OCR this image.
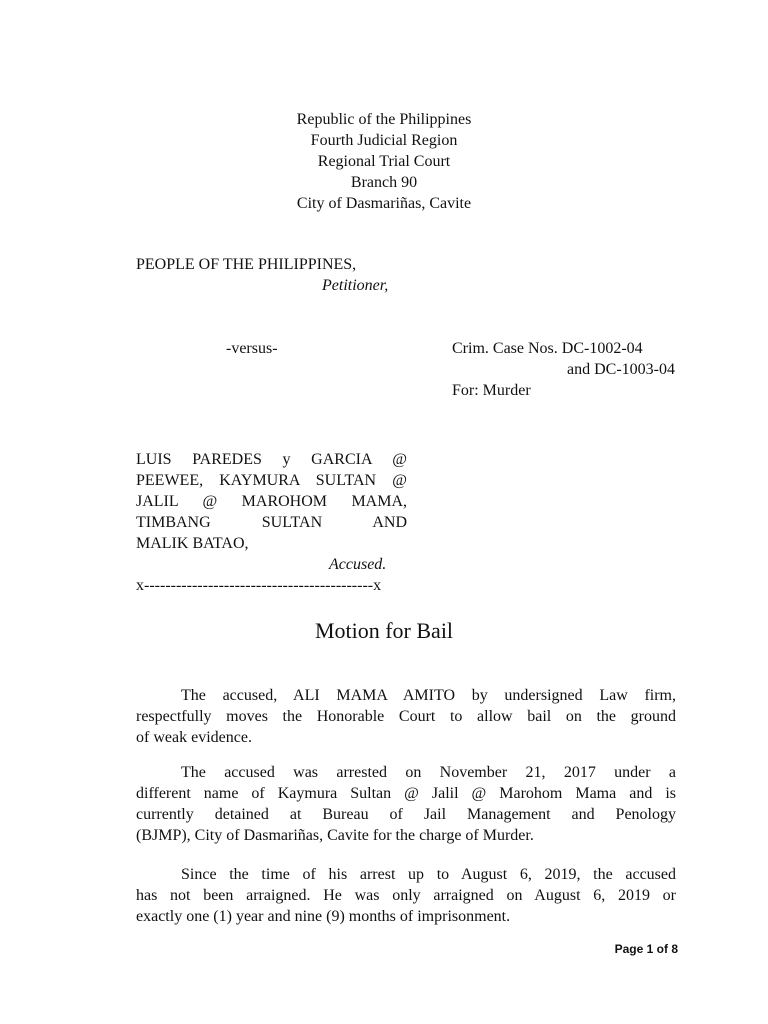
Republic of the Philippines
Fourth Judicial Region
Regional Trial Court
Branch 90
City of Dasmariñas, Cavite
PEOPLE OF THE PHILIPPINES,
Petitioner,
-versus-	Crim. Case Nos. DC-1002-04
and DC-1003-04
For: Murder
LUIS PAREDES y GARCIA @
PEEWEE, KAYMURA SULTAN @
JALIL @ MAROHOM MAMA,
TIMBANG SULTAN AND
MALIK BATAO,
Accused.
x-------------------------------------------x
Motion for Bail
The accused, ALI MAMA AMITO by undersigned Law firm,
respectfully moves the Honorable Court to allow bail on the ground
of weak evidence.
The accused was arrested on November 21, 2017 under a
different name of Kaymura Sultan @ Jalil @ Marohom Mama and is
currently detained at Bureau of Jail Management and Penology
(BJMP), City of Dasmariñas, Cavite for the charge of Murder.
Since the time of his arrest up to August 6, 2019, the accused
has not been arraigned. He was only arraigned on August 6, 2019 or
exactly one (1) year and nine (9) months of imprisonment.
Page 1 of 8
